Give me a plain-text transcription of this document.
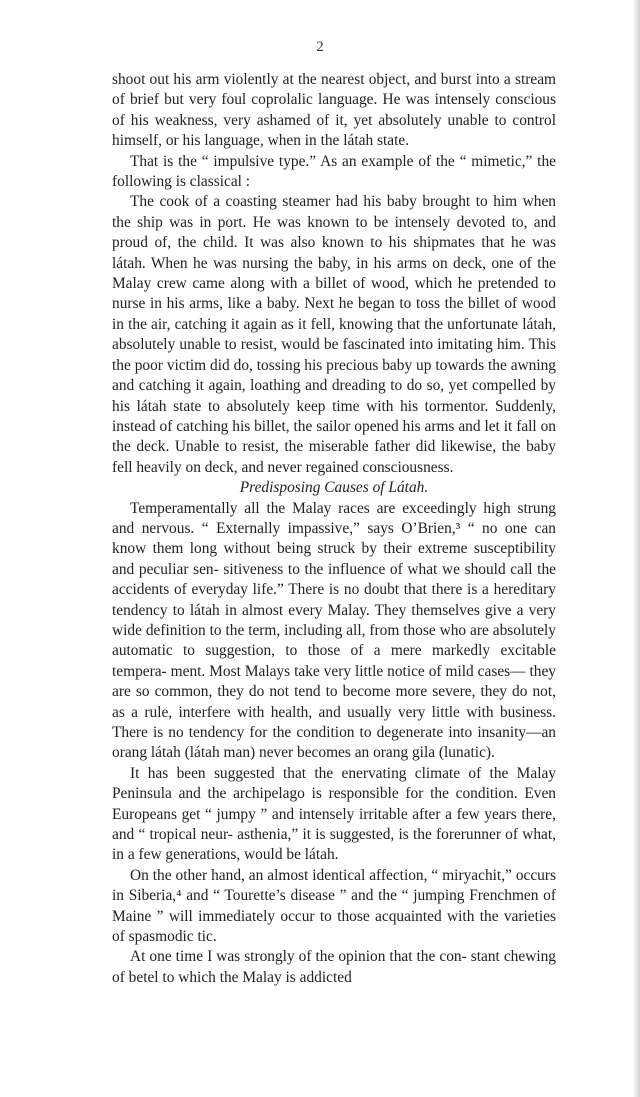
2

shoot out his arm violently at the nearest object, and burst into a stream of brief but very foul coprolalic language. He was intensely conscious of his weakness, very ashamed of it, yet absolutely unable to control himself, or his language, when in the látah state.

That is the “ impulsive type.” As an example of the “ mimetic,” the following is classical :

The cook of a coasting steamer had his baby brought to him when the ship was in port. He was known to be intensely devoted to, and proud of, the child. It was also known to his shipmates that he was látah. When he was nursing the baby, in his arms on deck, one of the Malay crew came along with a billet of wood, which he pretended to nurse in his arms, like a baby. Next he began to toss the billet of wood in the air, catching it again as it fell, knowing that the unfortunate látah, absolutely unable to resist, would be fascinated into imitating him. This the poor victim did do, tossing his precious baby up towards the awning and catching it again, loathing and dreading to do so, yet compelled by his látah state to absolutely keep time with his tormentor. Suddenly, instead of catching his billet, the sailor opened his arms and let it fall on the deck. Unable to resist, the miserable father did likewise, the baby fell heavily on deck, and never regained consciousness.

Predisposing Causes of Látah.

Temperamentally all the Malay races are exceedingly high strung and nervous. “ Externally impassive,” says O’Brien,³ “ no one can know them long without being struck by their extreme susceptibility and peculiar sen- sitiveness to the influence of what we should call the accidents of everyday life.” There is no doubt that there is a hereditary tendency to látah in almost every Malay. They themselves give a very wide definition to the term, including all, from those who are absolutely automatic to suggestion, to those of a mere markedly excitable tempera- ment. Most Malays take very little notice of mild cases— they are so common, they do not tend to become more severe, they do not, as a rule, interfere with health, and usually very little with business. There is no tendency for the condition to degenerate into insanity—an orang látah (látah man) never becomes an orang gila (lunatic).

It has been suggested that the enervating climate of the Malay Peninsula and the archipelago is responsible for the condition. Even Europeans get “ jumpy ” and intensely irritable after a few years there, and “ tropical neur- asthenia,” it is suggested, is the forerunner of what, in a few generations, would be látah.

On the other hand, an almost identical affection, “ miryachit,” occurs in Siberia,⁴ and “ Tourette’s disease ” and the “ jumping Frenchmen of Maine ” will immediately occur to those acquainted with the varieties of spasmodic tic.

At one time I was strongly of the opinion that the con- stant chewing of betel to which the Malay is addicted
